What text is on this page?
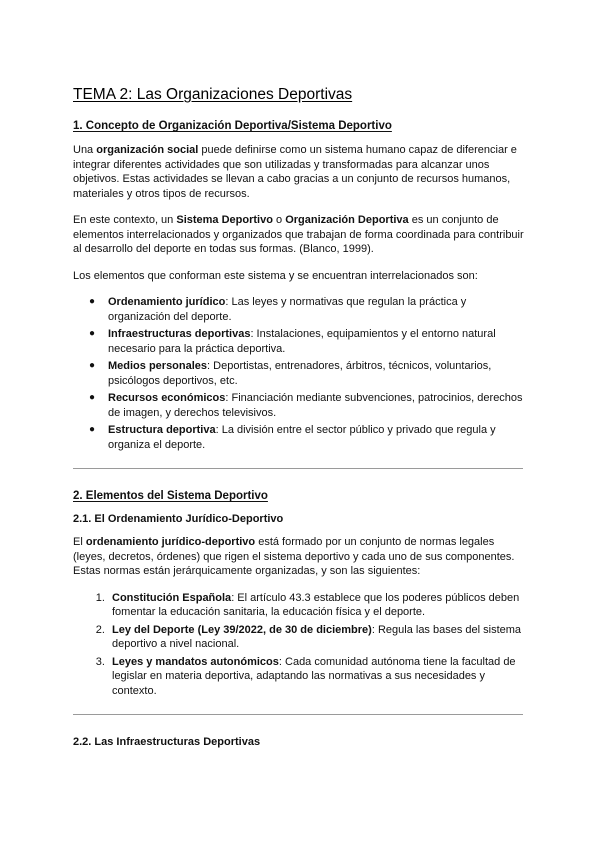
TEMA 2: Las Organizaciones Deportivas
1. Concepto de Organización Deportiva/Sistema Deportivo

Una organización social puede definirse como un sistema humano capaz de diferenciar e integrar diferentes actividades que son utilizadas y transformadas para alcanzar unos objetivos. Estas actividades se llevan a cabo gracias a un conjunto de recursos humanos, materiales y otros tipos de recursos.

En este contexto, un Sistema Deportivo o Organización Deportiva es un conjunto de elementos interrelacionados y organizados que trabajan de forma coordinada para contribuir al desarrollo del deporte en todas sus formas. (Blanco, 1999).

Los elementos que conforman este sistema y se encuentran interrelacionados son:

● Ordenamiento jurídico: Las leyes y normativas que regulan la práctica y organización del deporte.
● Infraestructuras deportivas: Instalaciones, equipamientos y el entorno natural necesario para la práctica deportiva.
● Medios personales: Deportistas, entrenadores, árbitros, técnicos, voluntarios, psicólogos deportivos, etc.
● Recursos económicos: Financiación mediante subvenciones, patrocinios, derechos de imagen, y derechos televisivos.
● Estructura deportiva: La división entre el sector público y privado que regula y organiza el deporte.
2. Elementos del Sistema Deportivo
2.1. El Ordenamiento Jurídico-Deportivo

El ordenamiento jurídico-deportivo está formado por un conjunto de normas legales (leyes, decretos, órdenes) que rigen el sistema deportivo y cada uno de sus componentes. Estas normas están jerárquicamente organizadas, y son las siguientes:

1. Constitución Española: El artículo 43.3 establece que los poderes públicos deben fomentar la educación sanitaria, la educación física y el deporte.
2. Ley del Deporte (Ley 39/2022, de 30 de diciembre): Regula las bases del sistema deportivo a nivel nacional.
3. Leyes y mandatos autonómicos: Cada comunidad autónoma tiene la facultad de legislar en materia deportiva, adaptando las normativas a sus necesidades y contexto.
2.2. Las Infraestructuras Deportivas
